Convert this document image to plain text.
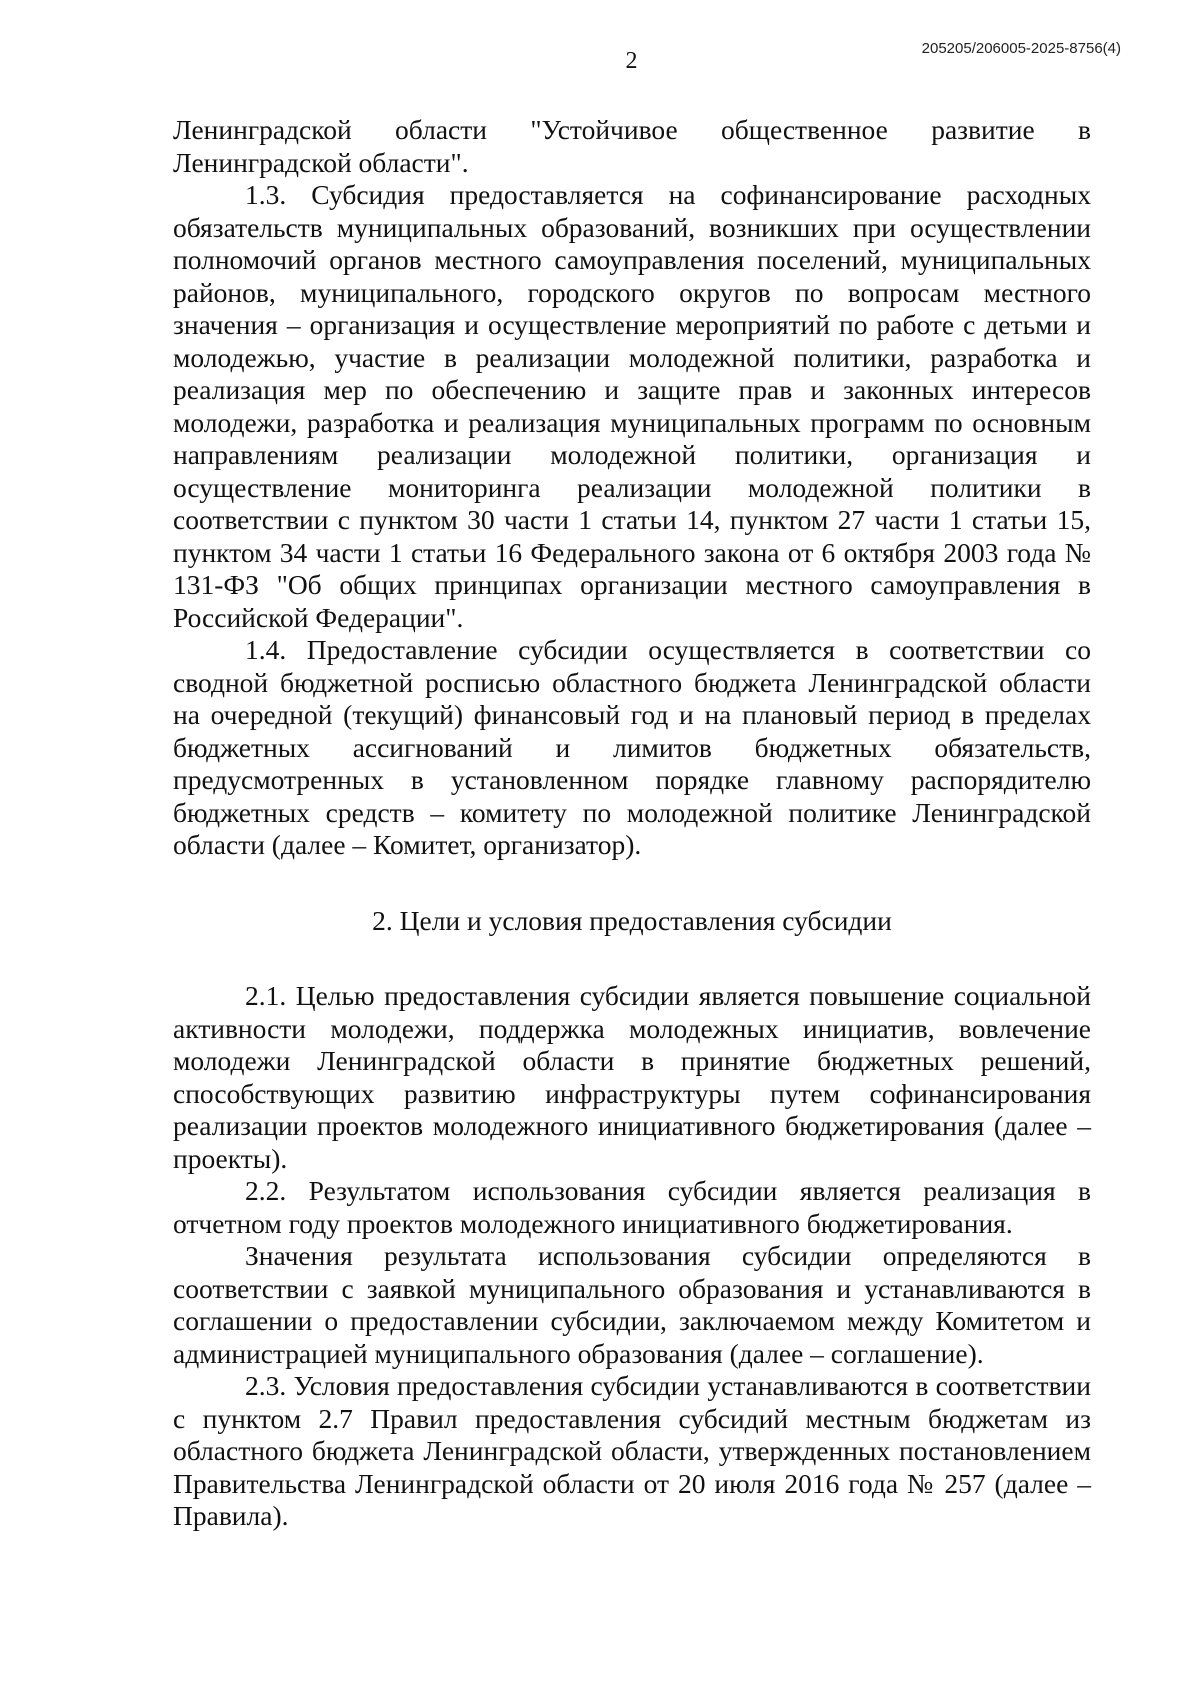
205205/206005-2025-8756(4)
2

Ленинградской области "Устойчивое общественное развитие в Ленинградской области".

1.3. Субсидия предоставляется на софинансирование расходных обязательств муниципальных образований, возникших при осуществлении полномочий органов местного самоуправления поселений, муниципальных районов, муниципального, городского округов по вопросам местного значения – организация и осуществление мероприятий по работе с детьми и молодежью, участие в реализации молодежной политики, разработка и реализация мер по обеспечению и защите прав и законных интересов молодежи, разработка и реализация муниципальных программ по основным направлениям реализации молодежной политики, организация и осуществление мониторинга реализации молодежной политики в соответствии с пунктом 30 части 1 статьи 14, пунктом 27 части 1 статьи 15, пунктом 34 части 1 статьи 16 Федерального закона от 6 октября 2003 года № 131-ФЗ "Об общих принципах организации местного самоуправления в Российской Федерации".

1.4. Предоставление субсидии осуществляется в соответствии со сводной бюджетной росписью областного бюджета Ленинградской области на очередной (текущий) финансовый год и на плановый период в пределах бюджетных ассигнований и лимитов бюджетных обязательств, предусмотренных в установленном порядке главному распорядителю бюджетных средств – комитету по молодежной политике Ленинградской области (далее – Комитет, организатор).

2. Цели и условия предоставления субсидии

2.1. Целью предоставления субсидии является повышение социальной активности молодежи, поддержка молодежных инициатив, вовлечение молодежи Ленинградской области в принятие бюджетных решений, способствующих развитию инфраструктуры путем софинансирования реализации проектов молодежного инициативного бюджетирования (далее – проекты).

2.2. Результатом использования субсидии является реализация в отчетном году проектов молодежного инициативного бюджетирования.

Значения результата использования субсидии определяются в соответствии с заявкой муниципального образования и устанавливаются в соглашении о предоставлении субсидии, заключаемом между Комитетом и администрацией муниципального образования (далее – соглашение).

2.3. Условия предоставления субсидии устанавливаются в соответствии с пунктом 2.7 Правил предоставления субсидий местным бюджетам из областного бюджета Ленинградской области, утвержденных постановлением Правительства Ленинградской области от 20 июля 2016 года № 257 (далее – Правила).
